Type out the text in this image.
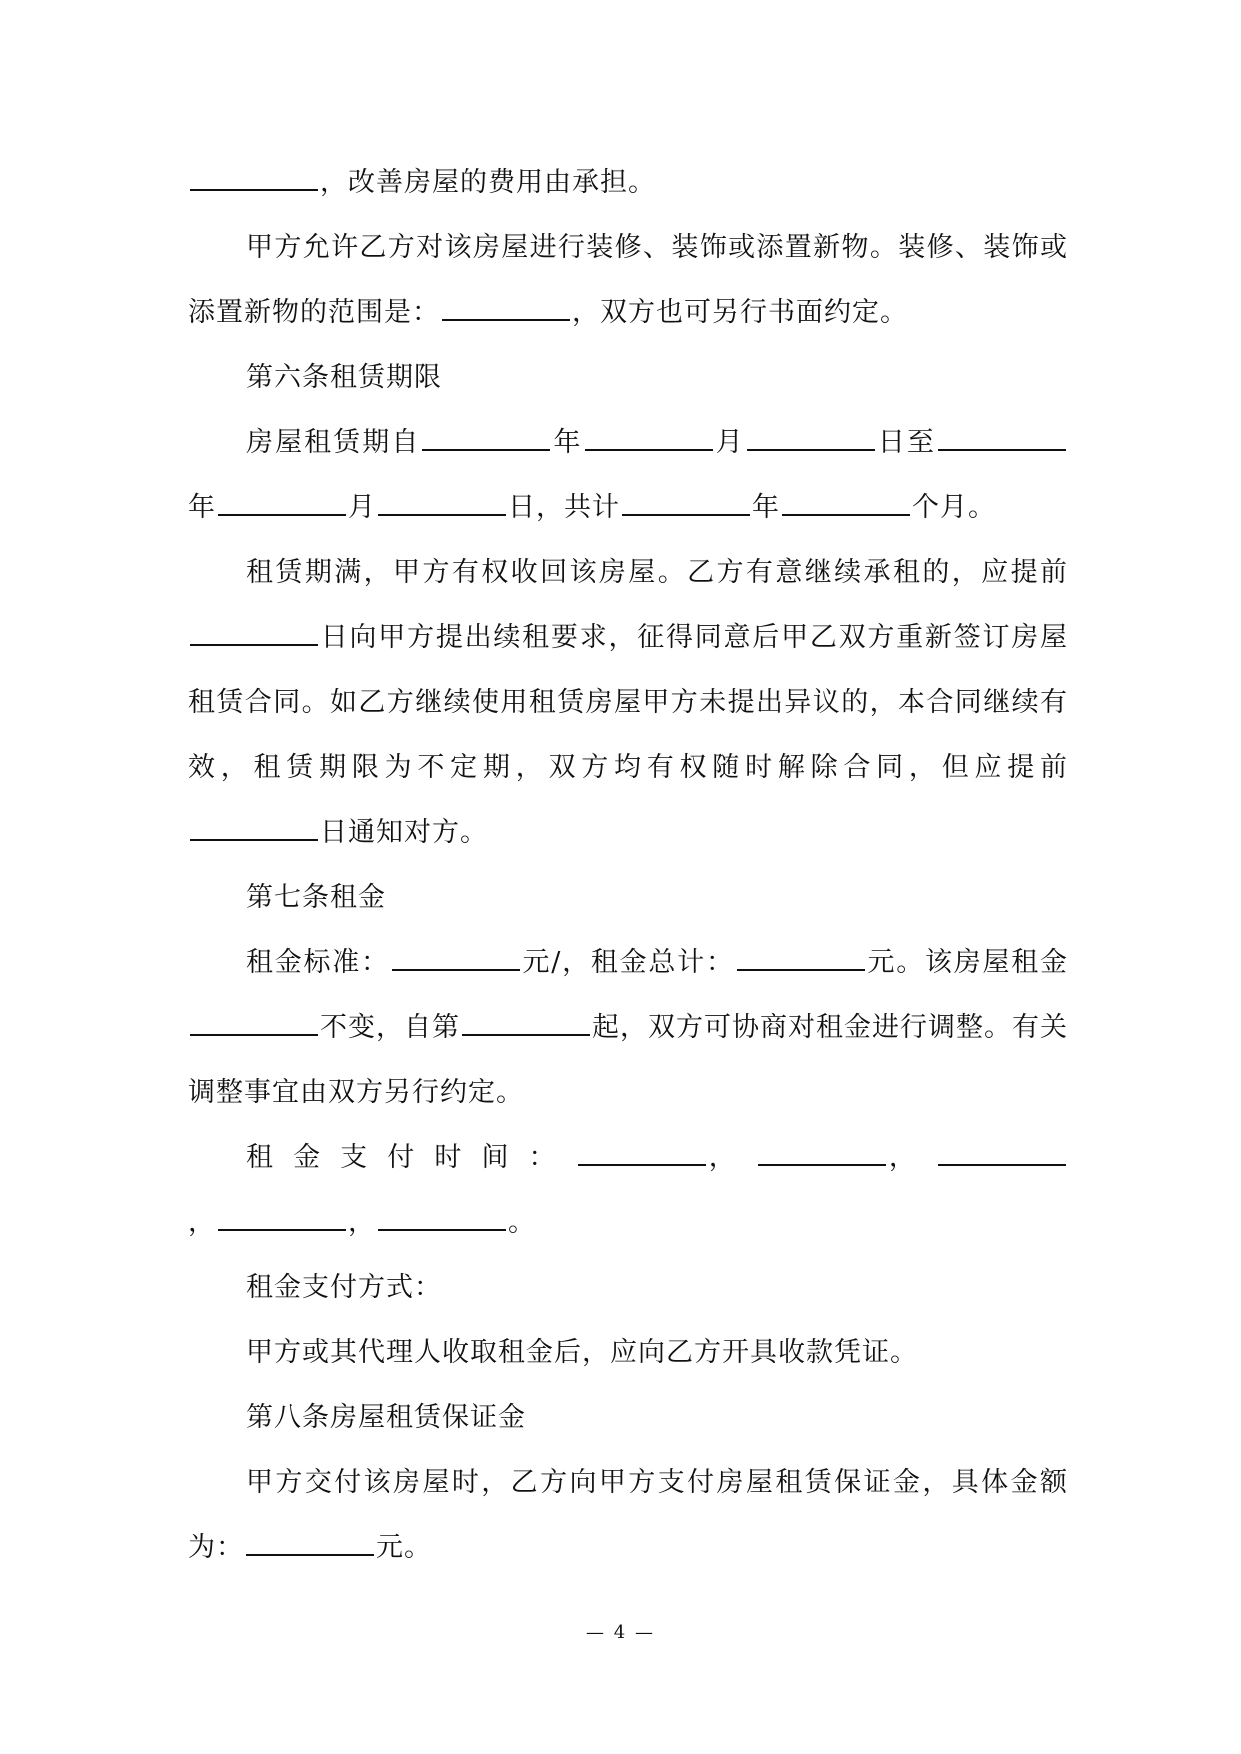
，改善房屋的费用由承担。

甲方允许乙方对该房屋进行装修、装饰或添置新物。装修、装饰或添置新物的范围是：	，双方也可另行书面约定。

第六条租赁期限

房屋租赁期自	年	月	日至年	月	日，共计	年	个月。

租赁期满，甲方有权收回该房屋。乙方有意继续承租的，应提前日向甲方提出续租要求，征得同意后甲乙双方重新签订房屋租赁合同。如乙方继续使用租赁房屋甲方未提出异议的，本合同继续有效，租赁期限为不定期，双方均有权随时解除合同，但应提前日通知对方。

第七条租金

租金标准：	元/，租金总计：	元。该房屋租金不变，自第	起，双方可协商对租金进行调整。有关调整事宜由双方另行约定。

租金支付时间：	，	，，	，	。

租金支付方式：

甲方或其代理人收取租金后，应向乙方开具收款凭证。

第八条房屋租赁保证金

甲方交付该房屋时，乙方向甲方支付房屋租赁保证金，具体金额为：	元。

— 4 —
